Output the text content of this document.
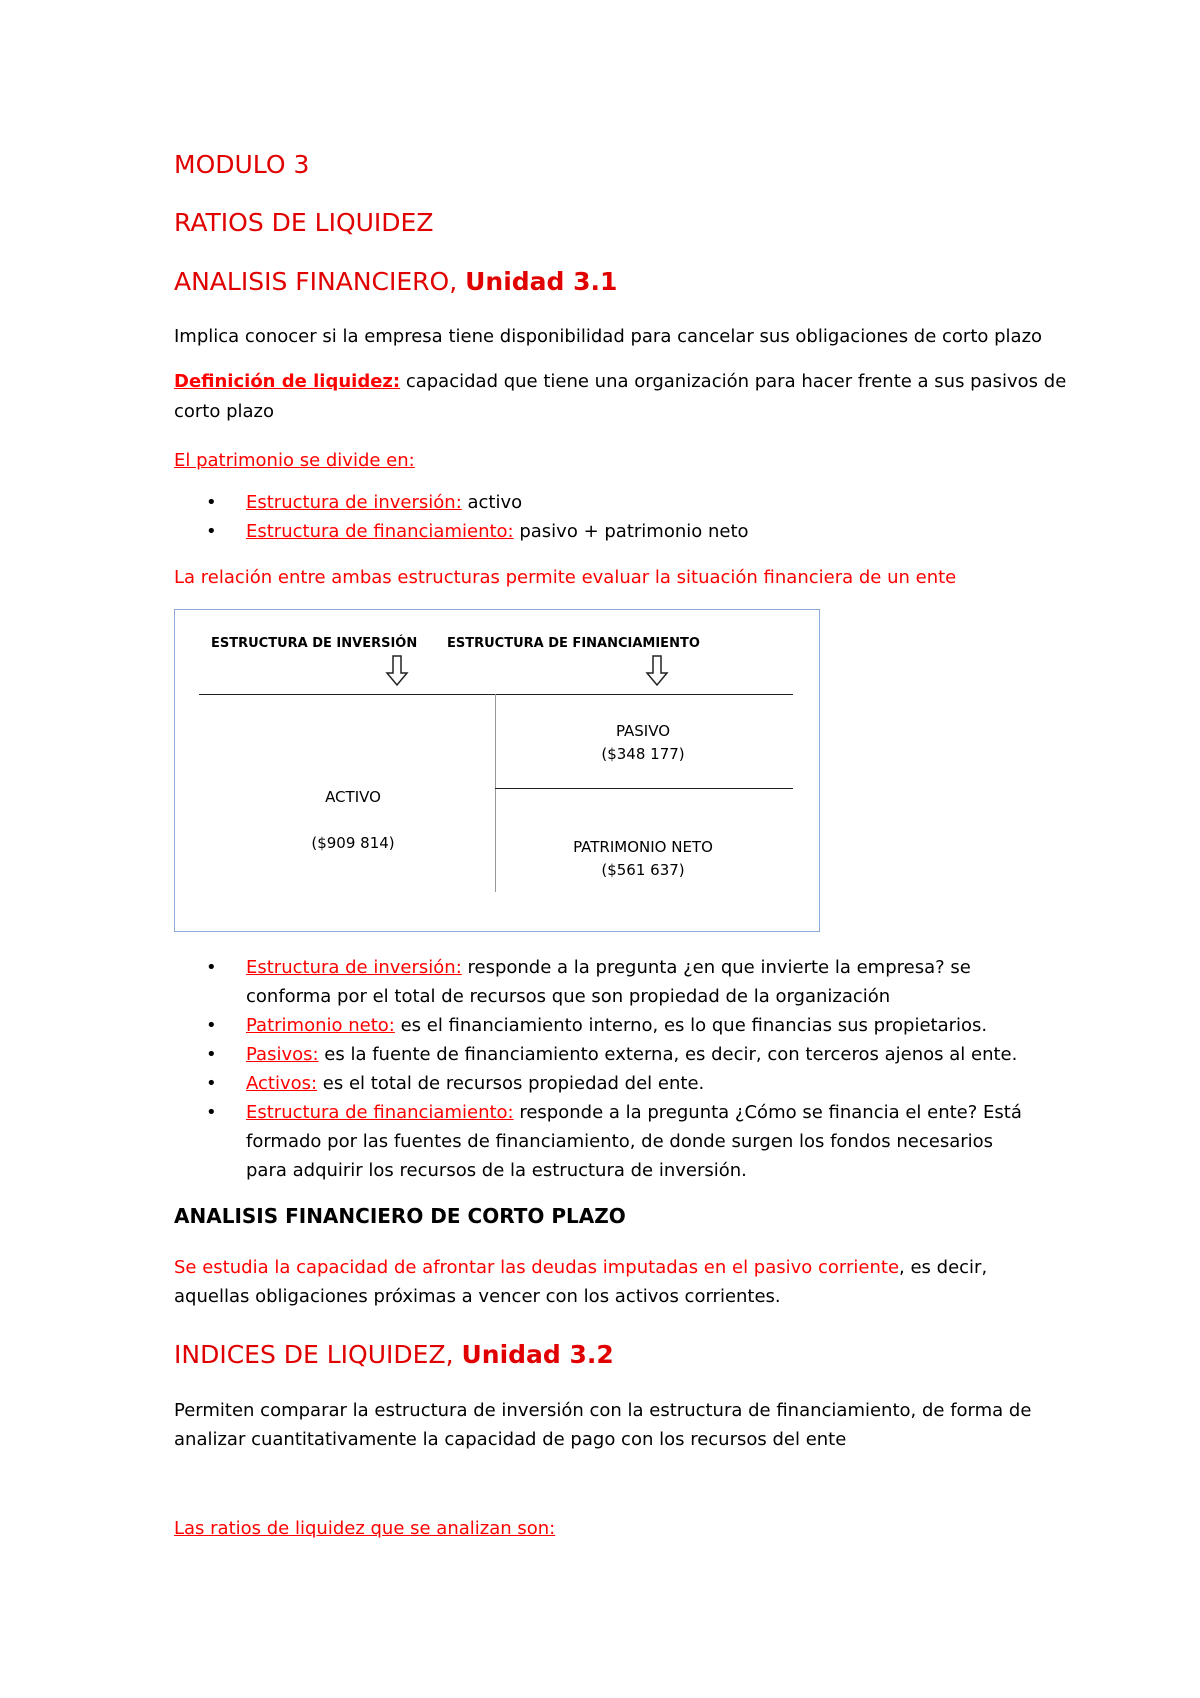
MODULO 3
RATIOS DE LIQUIDEZ
ANALISIS FINANCIERO, Unidad 3.1
Implica conocer si la empresa tiene disponibilidad para cancelar sus obligaciones de corto plazo
Definición de liquidez: capacidad que tiene una organización para hacer frente a sus pasivos de
corto plazo
El patrimonio se divide en:
• Estructura de inversión: activo
• Estructura de financiamiento: pasivo + patrimonio neto
La relación entre ambas estructuras permite evaluar la situación financiera de un ente
ESTRUCTURA DE INVERSIÓN ESTRUCTURA DE FINANCIAMIENTO
PASIVO
($348 177)
ACTIVO
($909 814)	PATRIMONIO NETO
($561 637)
• Estructura de inversión: responde a la pregunta ¿en que invierte la empresa? se
conforma por el total de recursos que son propiedad de la organización
• Patrimonio neto: es el financiamiento interno, es lo que financias sus propietarios.
• Pasivos: es la fuente de financiamiento externa, es decir, con terceros ajenos al ente.
• Activos: es el total de recursos propiedad del ente.
• Estructura de financiamiento: responde a la pregunta ¿Cómo se financia el ente? Está
formado por las fuentes de financiamiento, de donde surgen los fondos necesarios
para adquirir los recursos de la estructura de inversión.
ANALISIS FINANCIERO DE CORTO PLAZO
Se estudia la capacidad de afrontar las deudas imputadas en el pasivo corriente, es decir,
aquellas obligaciones próximas a vencer con los activos corrientes.
INDICES DE LIQUIDEZ, Unidad 3.2
Permiten comparar la estructura de inversión con la estructura de financiamiento, de forma de
analizar cuantitativamente la capacidad de pago con los recursos del ente
Las ratios de liquidez que se analizan son:
